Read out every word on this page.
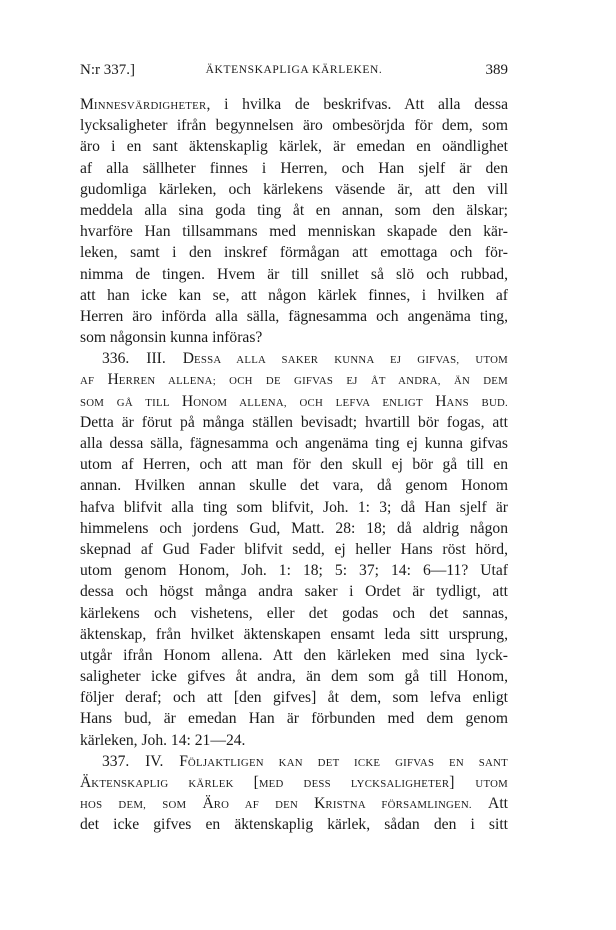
N:r 337.]	ÄKTENSKAPLIGA KÄRLEKEN.	389
MINNESVÄRDIGHETER, i hvilka de beskrifvas. Att alla dessa
lycksaligheter ifrån begynnelsen äro ombesörjda för dem, som
äro i en sant äktenskaplig kärlek, är emedan en oändlighet
af alla sällheter finnes i Herren, och Han sjelf är den
gudomliga kärleken, och kärlekens väsende är, att den vill
meddela alla sina goda ting åt en annan, som den älskar;
hvarföre Han tillsammans med menniskan skapade den kär-
leken, samt i den inskref förmågan att emottaga och för-
nimma de tingen. Hvem är till snillet så slö och rubbad,
att han icke kan se, att någon kärlek finnes, i hvilken af
Herren äro införda alla sälla, fägnesamma och angenäma ting,
som någonsin kunna införas?
336. III. DESSA ALLA SAKER KUNNA EJ GIFVAS, UTOM
AF HERREN ALLENA; OCH DE GIFVAS EJ ÅT ANDRA, ÄN DEM
SOM GÅ TILL HONOM ALLENA, OCH LEFVA ENLIGT HANS BUD.
Detta är förut på många ställen bevisadt; hvartill bör fogas, att
alla dessa sälla, fägnesamma och angenäma ting ej kunna gifvas
utom af Herren, och att man för den skull ej bör gå till en
annan. Hvilken annan skulle det vara, då genom Honom
hafva blifvit alla ting som blifvit, Joh. 1: 3; då Han sjelf är
himmelens och jordens Gud, Matt. 28: 18; då aldrig någon
skepnad af Gud Fader blifvit sedd, ej heller Hans röst hörd,
utom genom Honom, Joh. 1: 18; 5: 37; 14: 6—11? Utaf
dessa och högst många andra saker i Ordet är tydligt, att
kärlekens och vishetens, eller det godas och det sannas,
äktenskap, från hvilket äktenskapen ensamt leda sitt ursprung,
utgår ifrån Honom allena. Att den kärleken med sina lyck-
saligheter icke gifves åt andra, än dem som gå till Honom,
följer deraf; och att [den gifves] åt dem, som lefva enligt
Hans bud, är emedan Han är förbunden med dem genom
kärleken, Joh. 14: 21—24.
337. IV. FÖLJAKTLIGEN KAN DET ICKE GIFVAS EN SANT
ÄKTENSKAPLIG KÄRLEK [MED DESS LYCKSALIGHETER] UTOM
HOS DEM, SOM ÄRO AF DEN KRISTNA FÖRSAMLINGEN. Att
det icke gifves en äktenskaplig kärlek, sådan den i sitt
